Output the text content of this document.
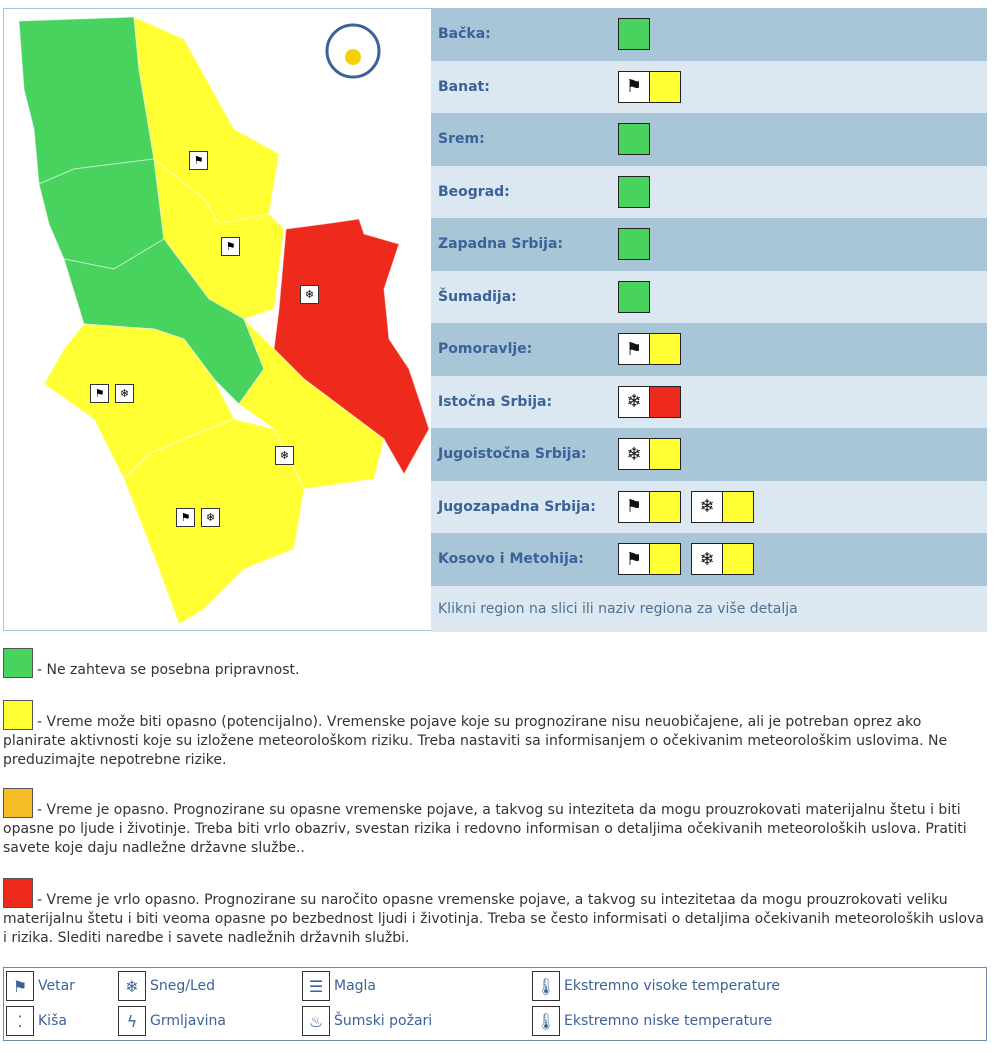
⚑
⚑
❄
⚑	❄
❄
⚑	❄
Bačka:
Banat:	⚑
Srem:
Beograd:
Zapadna Srbija:
Šumadija:
Pomoravlje:	⚑
Istočna Srbija:	❄
Jugoistočna Srbija:	❄
Jugozapadna Srbija:	⚑	❄
Kosovo i Metohija:	⚑	❄
Klikni region na slici ili naziv regiona za više detalja
- Ne zahteva se posebna pripravnost.
- Vreme može biti opasno (potencijalno). Vremenske pojave koje su prognozirane nisu neuobičajene, ali je potreban oprez ako planirate aktivnosti koje su izložene meteorološkom riziku. Treba nastaviti sa informisanjem o očekivanim meteorološkim uslovima. Ne preduzimajte nepotrebne rizike.
- Vreme je opasno. Prognozirane su opasne vremenske pojave, a takvog su inteziteta da mogu prouzrokovati materijalnu štetu i biti opasne po ljude i životinje. Treba biti vrlo obazriv, svestan rizika i redovno informisan o detaljima očekivanih meteoroloških uslova. Pratiti savete koje daju nadležne državne službe..
- Vreme je vrlo opasno. Prognozirane su naročito opasne vremenske pojave, a takvog su intezitetaa da mogu prouzrokovati veliku materijalnu štetu i biti veoma opasne po bezbednost ljudi i životinja. Treba se često informisati o detaljima očekivanih meteoroloških uslova i rizika. Slediti naredbe i savete nadležnih državnih službi.
⚑ Vetar	❄ Sneg/Led	☰ Magla	🌡 Ekstremno visoke temperature
⁚	Kiša	ϟ Grmljavina	♨ Šumski požari	🌡 Ekstremno niske temperature
